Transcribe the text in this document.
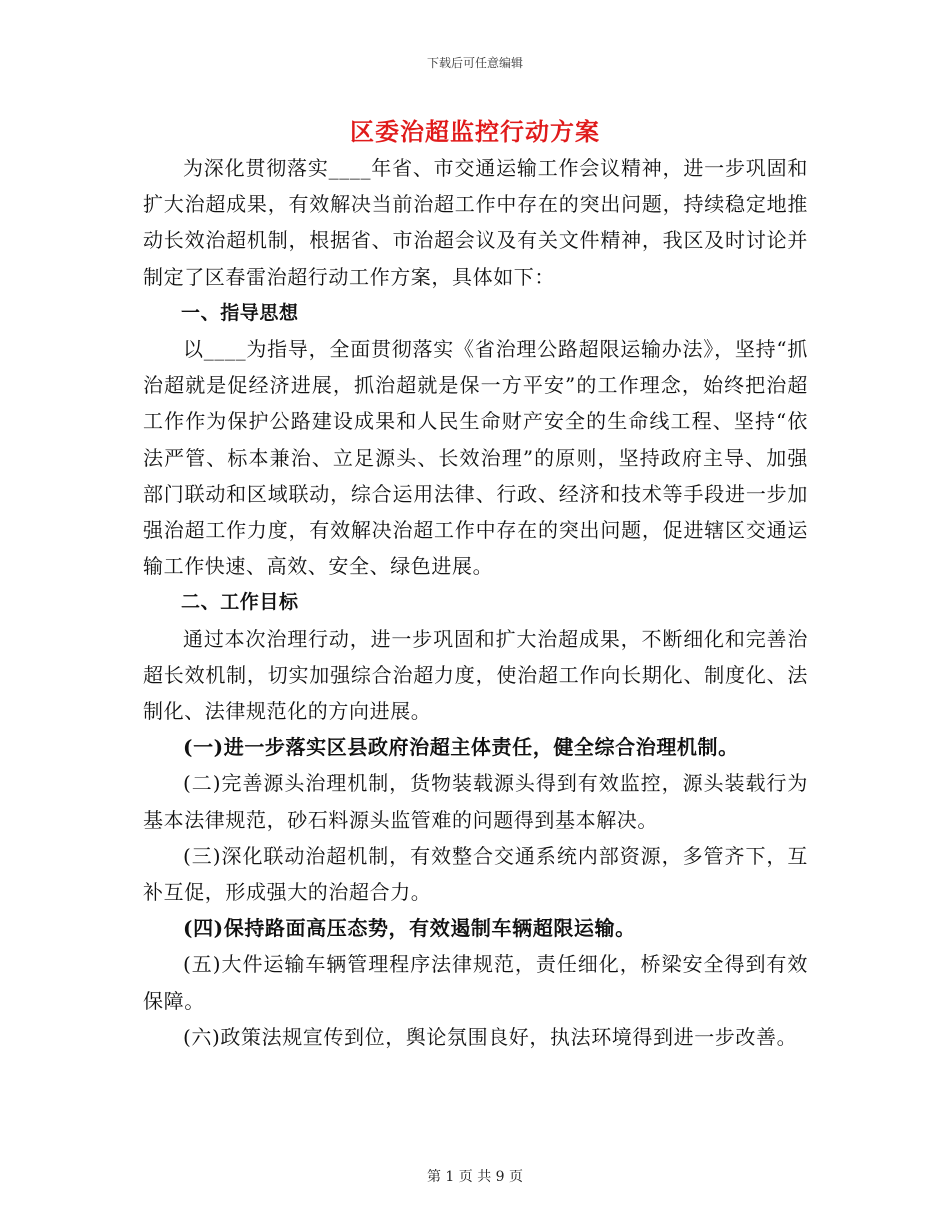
下载后可任意编辑
区委治超监控行动方案

为深化贯彻落实____年省、市交通运输工作会议精神，进一步巩固和扩大治超成果，有效解决当前治超工作中存在的突出问题，持续稳定地推动长效治超机制，根据省、市治超会议及有关文件精神，我区及时讨论并制定了区春雷治超行动工作方案，具体如下：

一、指导思想

以____为指导，全面贯彻落实《省治理公路超限运输办法》，坚持“抓治超就是促经济进展，抓治超就是保一方平安”的工作理念，始终把治超工作作为保护公路建设成果和人民生命财产安全的生命线工程、坚持“依法严管、标本兼治、立足源头、长效治理”的原则，坚持政府主导、加强部门联动和区域联动，综合运用法律、行政、经济和技术等手段进一步加强治超工作力度，有效解决治超工作中存在的突出问题，促进辖区交通运输工作快速、高效、安全、绿色进展。

二、工作目标

通过本次治理行动，进一步巩固和扩大治超成果，不断细化和完善治超长效机制，切实加强综合治超力度，使治超工作向长期化、制度化、法制化、法律规范化的方向进展。

(一)进一步落实区县政府治超主体责任，健全综合治理机制。

(二)完善源头治理机制，货物装载源头得到有效监控，源头装载行为基本法律规范，砂石料源头监管难的问题得到基本解决。

(三)深化联动治超机制，有效整合交通系统内部资源，多管齐下，互补互促，形成强大的治超合力。

(四)保持路面高压态势，有效遏制车辆超限运输。

(五)大件运输车辆管理程序法律规范，责任细化，桥梁安全得到有效保障。

(六)政策法规宣传到位，舆论氛围良好，执法环境得到进一步改善。

第 1 页 共 9 页
